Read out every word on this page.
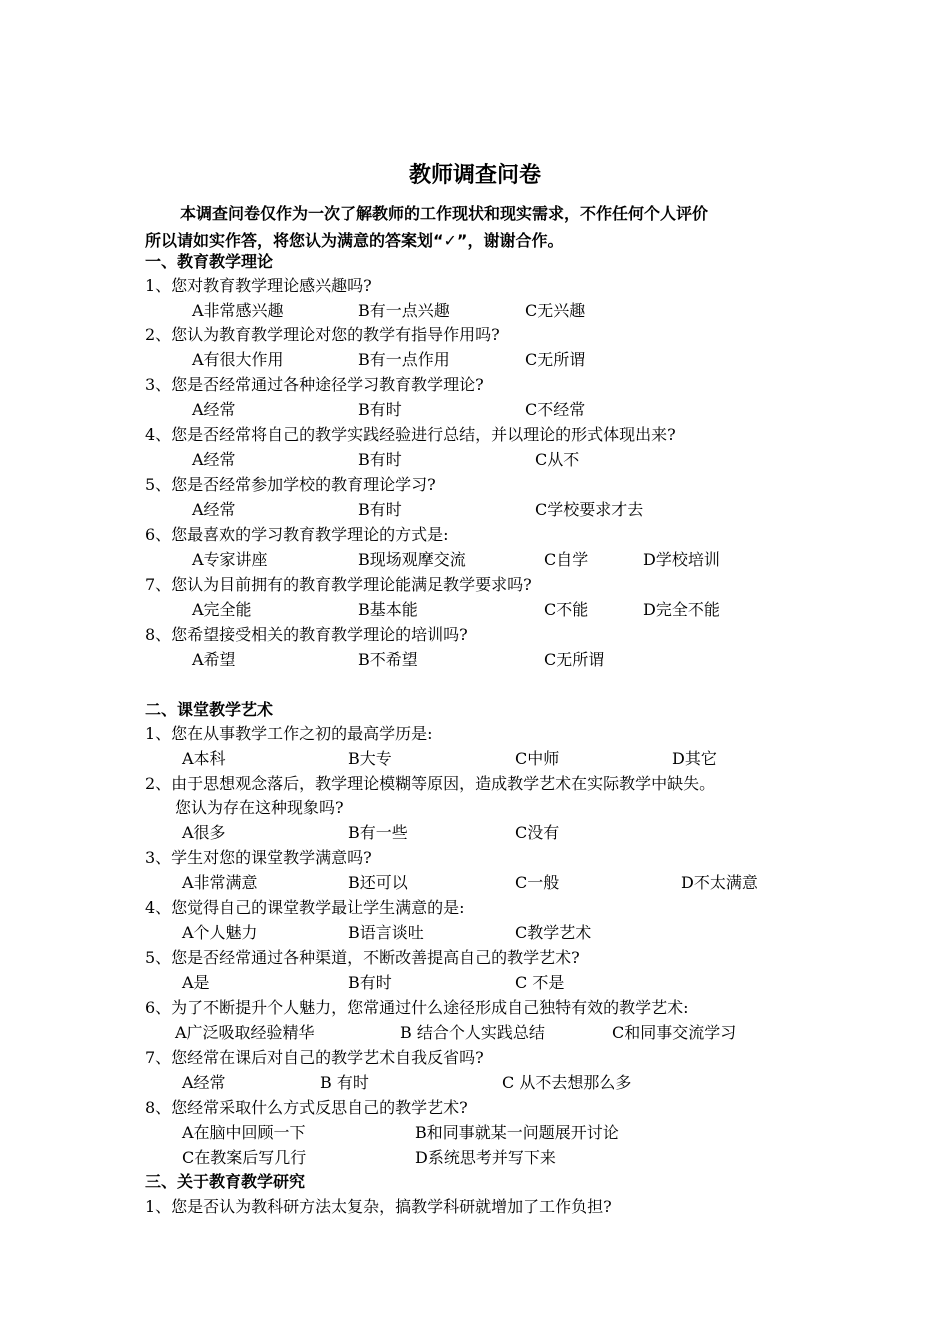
教师调查问卷
本调查问卷仅作为一次了解教师的工作现状和现实需求，不作任何个人评价
所以请如实作答，将您认为满意的答案划“✓”，谢谢合作。
一、教育教学理论
1、您对教育教学理论感兴趣吗?
A非常感兴趣	B有一点兴趣	C无兴趣
2、您认为教育教学理论对您的教学有指导作用吗?
A有很大作用	B有一点作用	C无所谓
3、您是否经常通过各种途径学习教育教学理论?
A经常	B有时	C不经常
4、您是否经常将自己的教学实践经验进行总结，并以理论的形式体现出来?
A经常	B有时	C从不
5、您是否经常参加学校的教育理论学习?
A经常	B有时	C学校要求才去
6、您最喜欢的学习教育教学理论的方式是:
A专家讲座	B现场观摩交流	C自学	D学校培训
7、您认为目前拥有的教育教学理论能满足教学要求吗?
A完全能	B基本能	C不能	D完全不能
8、您希望接受相关的教育教学理论的培训吗?
A希望	B不希望	C无所谓
二、课堂教学艺术
1、您在从事教学工作之初的最高学历是:
A本科	B大专	C中师	D其它
2、由于思想观念落后，教学理论模糊等原因，造成教学艺术在实际教学中缺失。
您认为存在这种现象吗?
A很多	B有一些	C没有
3、学生对您的课堂教学满意吗?
A非常满意	B还可以	C一般	D不太满意
4、您觉得自己的课堂教学最让学生满意的是:
A个人魅力	B语言谈吐	C教学艺术
5、您是否经常通过各种渠道，不断改善提高自己的教学艺术?
A是	B有时	C 不是
6、为了不断提升个人魅力，您常通过什么途径形成自己独特有效的教学艺术:
A广泛吸取经验精华	B 结合个人实践总结	C和同事交流学习
7、您经常在课后对自己的教学艺术自我反省吗?
A经常	B 有时	C 从不去想那么多
8、您经常采取什么方式反思自己的教学艺术?
A在脑中回顾一下	B和同事就某一问题展开讨论
C在教案后写几行	D系统思考并写下来
三、关于教育教学研究
1、您是否认为教科研方法太复杂，搞教学科研就增加了工作负担?
